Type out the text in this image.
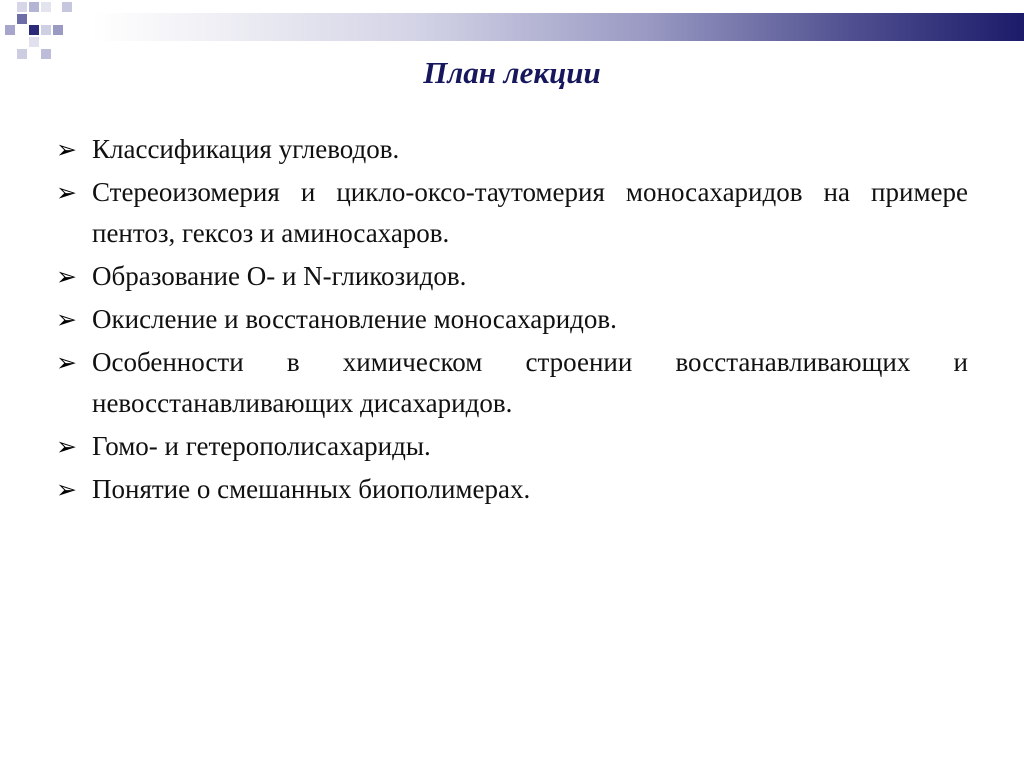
План лекции
➢ Классификация углеводов.
➢ Стереоизомерия и цикло-оксо-таутомерия моносахаридов на примере пентоз, гексоз и аминосахаров.
➢ Образование О- и N-гликозидов.
➢ Окисление и восстановление моносахаридов.
➢ Особенности в химическом строении восстанавливающих и невосстанавливающих дисахаридов.
➢ Гомо- и гетерополисахариды.
➢ Понятие о смешанных биополимерах.
